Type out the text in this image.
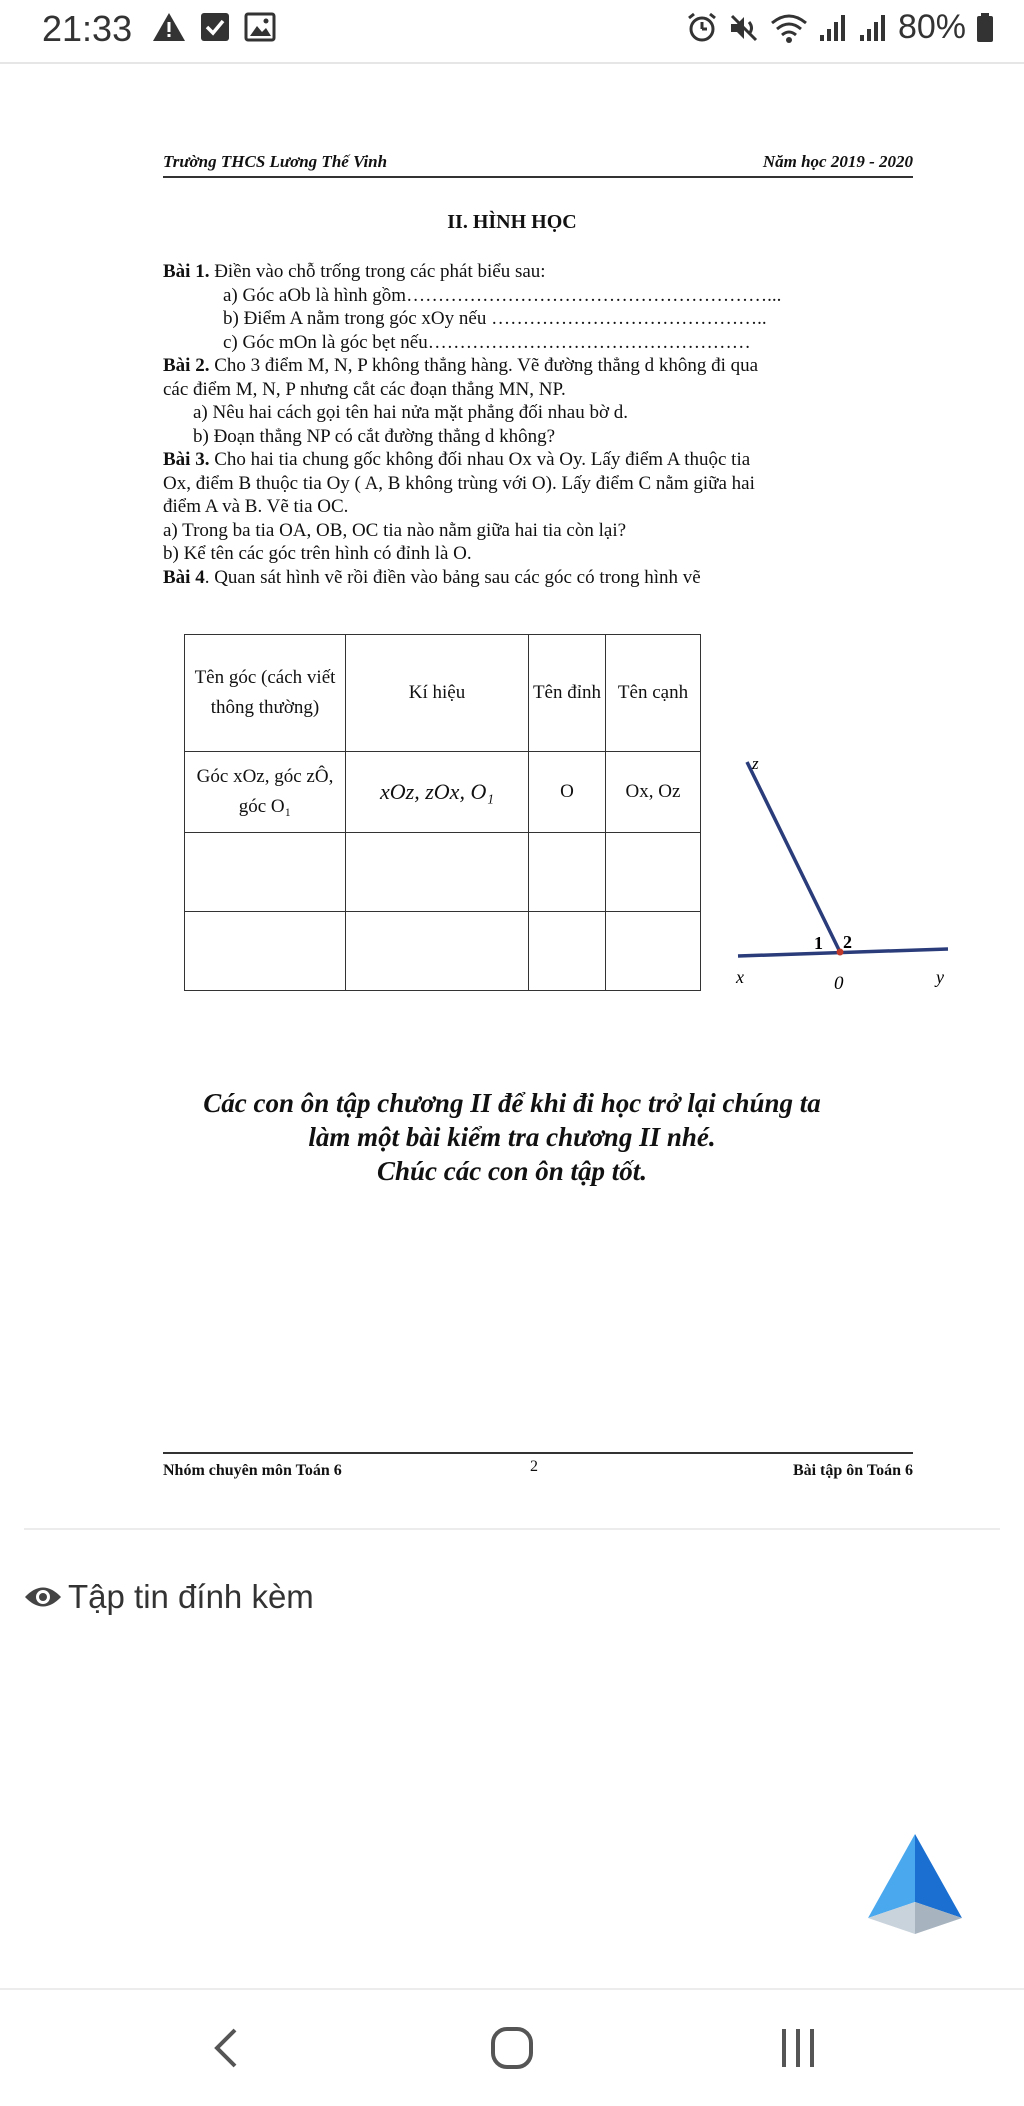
21:33	80%
Trường THCS Lương Thế Vinh	Năm học 2019 - 2020
II. HÌNH HỌC
Bài 1. Điền vào chỗ trống trong các phát biểu sau:
a) Góc aOb là hình gồm…………………………………………………...
b) Điểm A nằm trong góc xOy nếu ……………………………………..
c) Góc mOn là góc bẹt nếu……………………………………………
Bài 2. Cho 3 điểm M, N, P không thẳng hàng. Vẽ đường thẳng d không đi qua
các điểm M, N, P nhưng cắt các đoạn thẳng MN, NP.
a) Nêu hai cách gọi tên hai nửa mặt phẳng đối nhau bờ d.
b) Đoạn thẳng NP có cắt đường thẳng d không?
Bài 3. Cho hai tia chung gốc không đối nhau Ox và Oy. Lấy điểm A thuộc tia
Ox, điểm B thuộc tia Oy ( A, B không trùng với O). Lấy điểm C nằm giữa hai
điểm A và B. Vẽ tia OC.
a) Trong ba tia OA, OB, OC tia nào nằm giữa hai tia còn lại?
b) Kể tên các góc trên hình có đỉnh là O.
Bài 4. Quan sát hình vẽ rồi điền vào bảng sau các góc có trong hình vẽ
Tên góc (cách viết thông thường)	Kí hiệu	Tên đỉnh	Tên cạnh
Góc xOz, góc zÔ, góc O₁	xOz, zOx, O₁	O	Ox, Oz

z
1 2
x	0	y
Các con ôn tập chương II để khi đi học trở lại chúng ta
làm một bài kiểm tra chương II nhé.
Chúc các con ôn tập tốt.
Nhóm chuyên môn Toán 6	2	Bài tập ôn Toán 6
Tập tin đính kèm
